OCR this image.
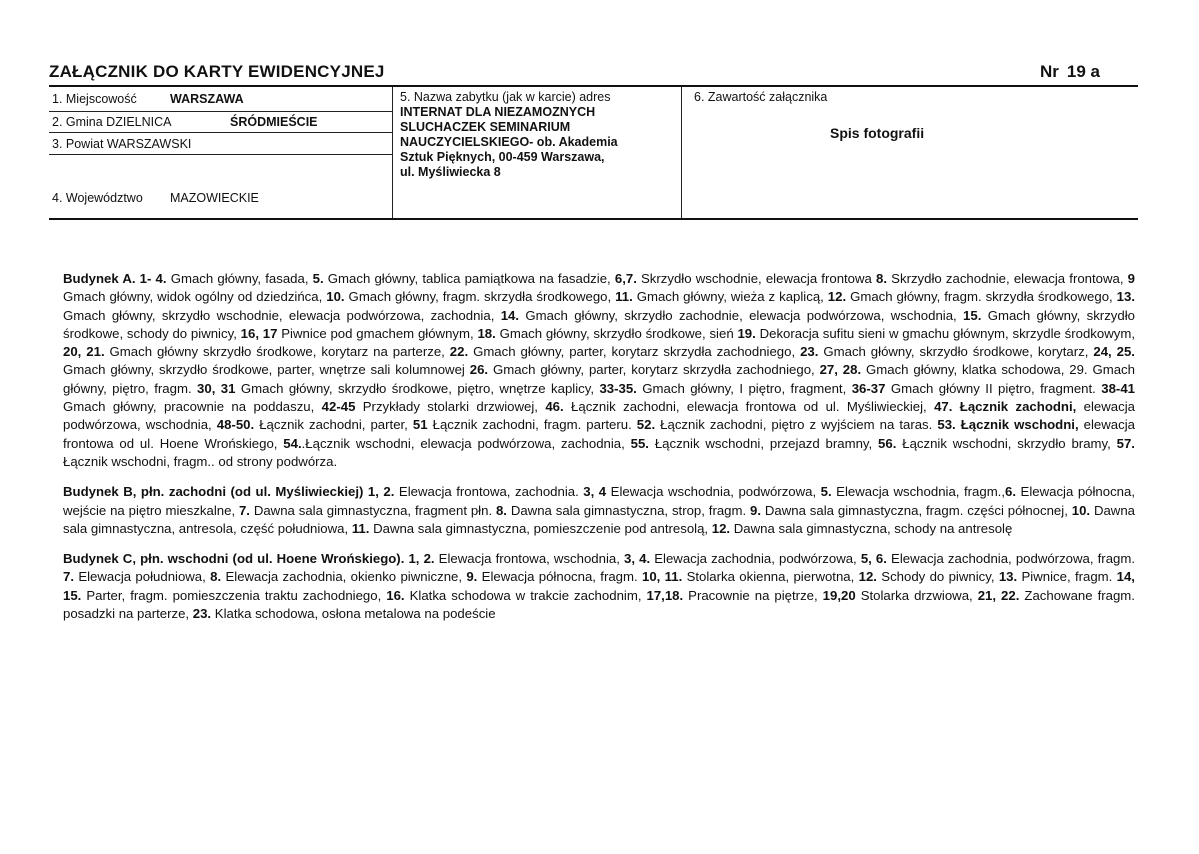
ZAŁĄCZNIK DO KARTY EWIDENCYJNEJ	Nr 19 a
1. Miejscowość	WARSZAWA
2. Gmina DZIELNICA	ŚRÓDMIEŚCIE
3. Powiat WARSZAWSKI
4. Województwo	MAZOWIECKIE
5. Nazwa zabytku (jak w karcie) adres
INTERNAT DLA NIEZAMOZNYCH
SLUCHACZEK SEMINARIUM
NAUCZYCIELSKIEGO- ob. Akademia
Sztuk Pięknych, 00-459 Warszawa,
ul. Myśliwiecka 8
6. Zawartość załącznika
Spis fotografii

Budynek A. 1- 4. Gmach główny, fasada, 5. Gmach główny, tablica pamiątkowa na fasadzie, 6,7. Skrzydło wschodnie, elewacja frontowa 8. Skrzydło zachodnie, elewacja frontowa, 9 Gmach główny, widok ogólny od dziedzińca, 10. Gmach główny, fragm. skrzydła środkowego, 11. Gmach główny, wieża z kaplicą, 12. Gmach główny, fragm. skrzydła środkowego, 13. Gmach główny, skrzydło wschodnie, elewacja podwórzowa, zachodnia, 14. Gmach główny, skrzydło zachodnie, elewacja podwórzowa, wschodnia, 15. Gmach główny, skrzydło środkowe, schody do piwnicy, 16, 17 Piwnice pod gmachem głównym, 18. Gmach główny, skrzydło środkowe, sień 19. Dekoracja sufitu sieni w gmachu głównym, skrzydle środkowym, 20, 21. Gmach główny skrzydło środkowe, korytarz na parterze, 22. Gmach główny, parter, korytarz skrzydła zachodniego, 23. Gmach główny, skrzydło środkowe, korytarz, 24, 25. Gmach główny, skrzydło środkowe, parter, wnętrze sali kolumnowej 26. Gmach główny, parter, korytarz skrzydła zachodniego, 27, 28. Gmach główny, klatka schodowa, 29. Gmach główny, piętro, fragm. 30, 31 Gmach główny, skrzydło środkowe, piętro, wnętrze kaplicy, 33-35. Gmach główny, I piętro, fragment, 36-37 Gmach główny II piętro, fragment. 38-41 Gmach główny, pracownie na poddaszu, 42-45 Przykłady stolarki drzwiowej, 46. Łącznik zachodni, elewacja frontowa od ul. Myśliwieckiej, 47. Łącznik zachodni, elewacja podwórzowa, wschodnia, 48-50. Łącznik zachodni, parter, 51 Łącznik zachodni, fragm. parteru. 52. Łącznik zachodni, piętro z wyjściem na taras. 53. Łącznik wschodni, elewacja frontowa od ul. Hoene Wrońskiego, 54..Łącznik wschodni, elewacja podwórzowa, zachodnia, 55. Łącznik wschodni, przejazd bramny, 56. Łącznik wschodni, skrzydło bramy, 57. Łącznik wschodni, fragm.. od strony podwórza.

Budynek B, płn. zachodni (od ul. Myśliwieckiej) 1, 2. Elewacja frontowa, zachodnia. 3, 4 Elewacja wschodnia, podwórzowa, 5. Elewacja wschodnia, fragm.,6. Elewacja północna, wejście na piętro mieszkalne, 7. Dawna sala gimnastyczna, fragment płn. 8. Dawna sala gimnastyczna, strop, fragm. 9. Dawna sala gimnastyczna, fragm. części północnej, 10. Dawna sala gimnastyczna, antresola, część południowa, 11. Dawna sala gimnastyczna, pomieszczenie pod antresolą, 12. Dawna sala gimnastyczna, schody na antresolę

Budynek C, płn. wschodni (od ul. Hoene Wrońskiego). 1, 2. Elewacja frontowa, wschodnia, 3, 4. Elewacja zachodnia, podwórzowa, 5, 6. Elewacja zachodnia, podwórzowa, fragm. 7. Elewacja południowa, 8. Elewacja zachodnia, okienko piwniczne, 9. Elewacja północna, fragm. 10, 11. Stolarka okienna, pierwotna, 12. Schody do piwnicy, 13. Piwnice, fragm. 14, 15. Parter, fragm. pomieszczenia traktu zachodniego, 16. Klatka schodowa w trakcie zachodnim, 17,18. Pracownie na piętrze, 19,20 Stolarka drzwiowa, 21, 22. Zachowane fragm. posadzki na parterze, 23. Klatka schodowa, osłona metalowa na podeście
